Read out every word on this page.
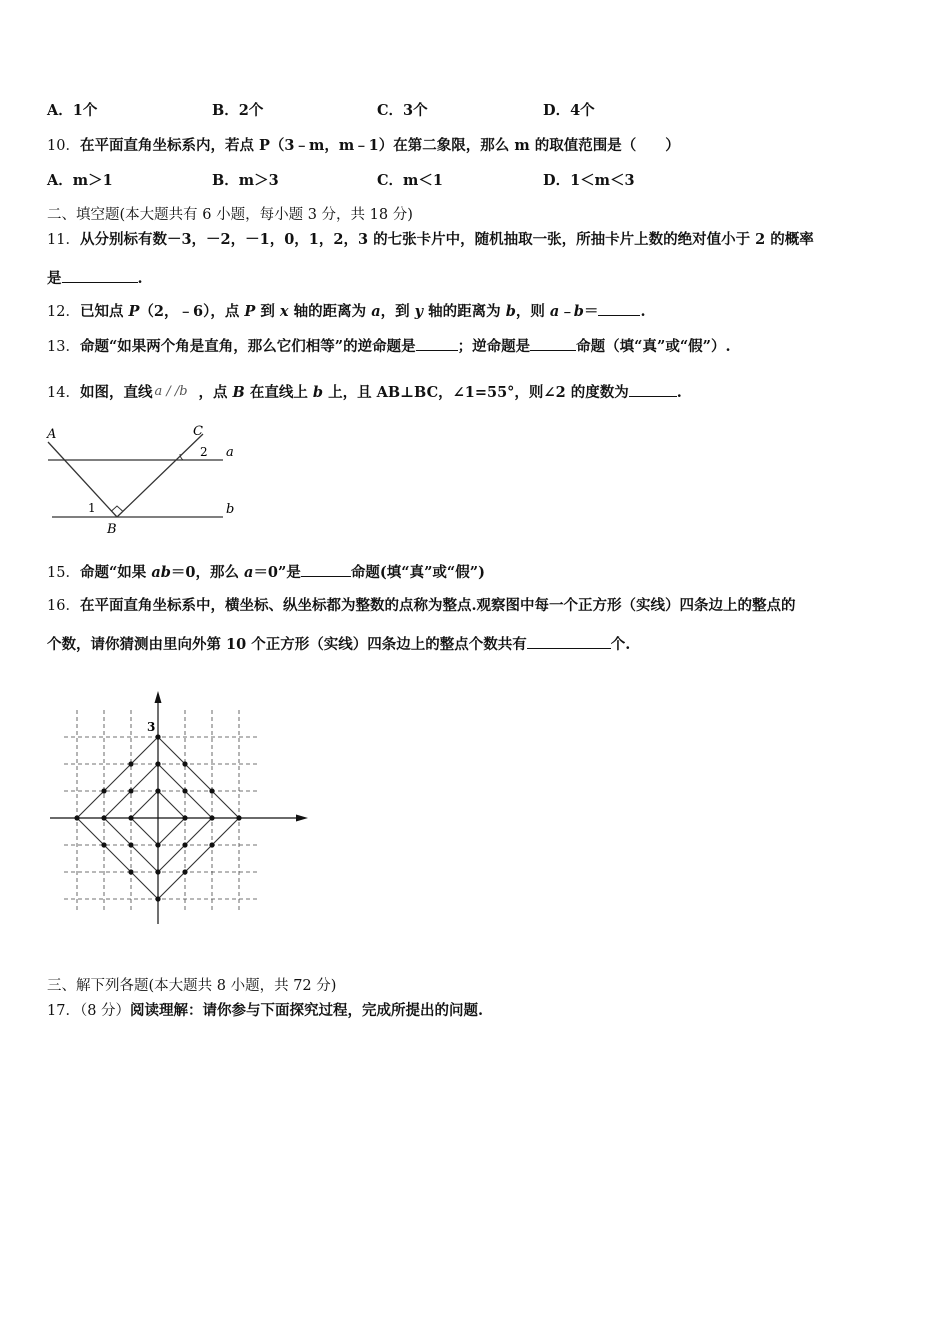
A．1个	B．2个	C．3个	D．4个
10．在平面直角坐标系内，若点 P（3﹣m，m﹣1）在第二象限，那么 m 的取值范围是（　　）
A．m＞1	B．m＞3	C．m＜1	D．1＜m＜3
二、填空题(本大题共有 6 小题，每小题 3 分，共 18 分)
11．从分别标有数－3，－2，－1，0，1，2，3 的七张卡片中，随机抽取一张，所抽卡片上数的绝对值小于 2 的概率
是	.
12．已知点 P（2，﹣6），点 P 到 x 轴的距离为 a，到 y 轴的距离为 b，则 a﹣b＝	.
13．命题“如果两个角是直角，那么它们相等”的逆命题是	；逆命题是	命题（填“真”或“假”）.
14．如图，直线 a / /b ，点 B 在直线上 b 上，且 AB⊥BC，∠1=55°，则∠2 的度数为	.
A	C
2 a
1	b
B
15．命题“如果 ab＝0，那么 a＝0”是	命题(填“真”或“假”)
16．在平面直角坐标系中，横坐标、纵坐标都为整数的点称为整点.观察图中每一个正方形（实线）四条边上的整点的
个数，请你猜测由里向外第 10 个正方形（实线）四条边上的整点个数共有	个.
3
三、解下列各题(本大题共 8 小题，共 72 分)
17．（8 分）阅读理解：请你参与下面探究过程，完成所提出的问题.
